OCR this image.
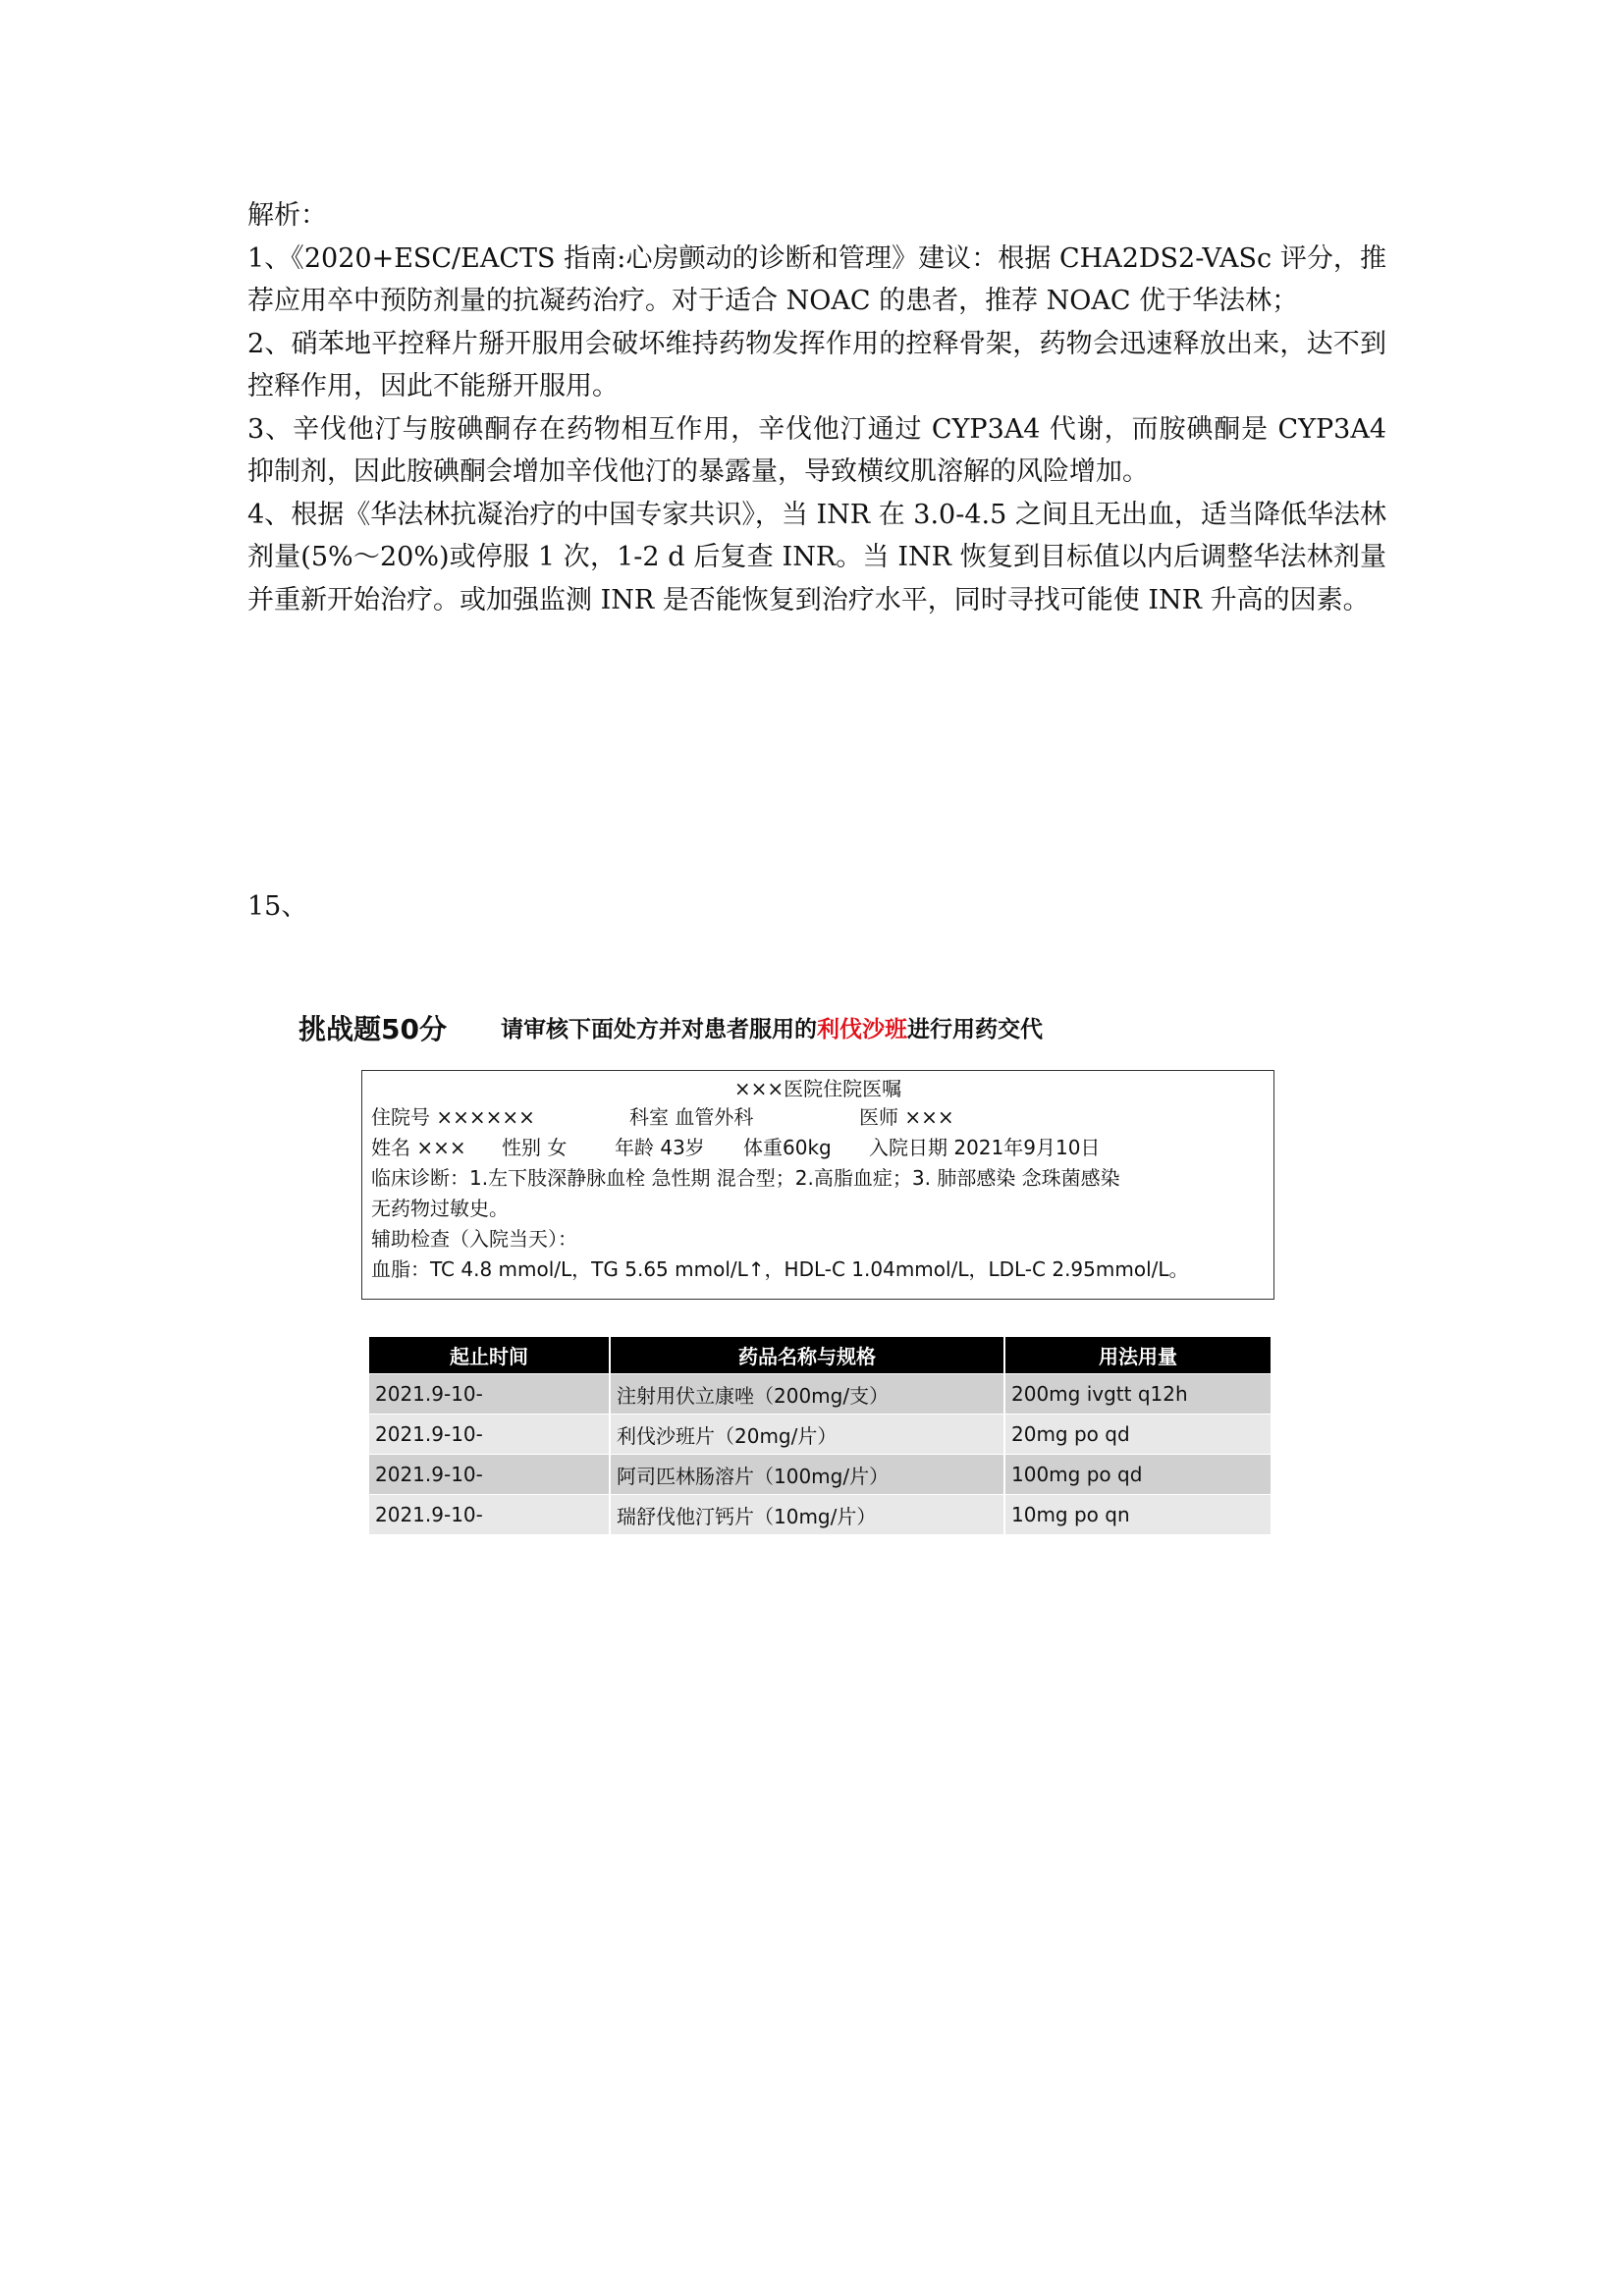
解析：

1、《2020+ESC/EACTS 指南:心房颤动的诊断和管理》建议：根据 CHA2DS2-VASc 评分，推荐应用卒中预防剂量的抗凝药治疗。对于适合 NOAC 的患者，推荐 NOAC 优于华法林；

2、硝苯地平控释片掰开服用会破坏维持药物发挥作用的控释骨架，药物会迅速释放出来，达不到控释作用，因此不能掰开服用。

3、辛伐他汀与胺碘酮存在药物相互作用，辛伐他汀通过 CYP3A4 代谢，而胺碘酮是 CYP3A4 抑制剂，因此胺碘酮会增加辛伐他汀的暴露量，导致横纹肌溶解的风险增加。

4、根据《华法林抗凝治疗的中国专家共识》，当 INR 在 3.0-4.5 之间且无出血，适当降低华法林剂量(5%～20%)或停服 1 次，1-2 d 后复查 INR。当 INR 恢复到目标值以内后调整华法林剂量并重新开始治疗。或加强监测 INR 是否能恢复到治疗水平，同时寻找可能使 INR 升高的因素。

15、
挑战题50分 请审核下面处方并对患者服用的利伐沙班进行用药交代
×××医院住院医嘱
住院号 ××××××	科室 血管外科	医师 ×××
姓名 ××× 性别 女 年龄 43岁 体重60kg 入院日期 2021年9月10日
临床诊断：1.左下肢深静脉血栓 急性期 混合型；2.高脂血症；3. 肺部感染 念珠菌感染
无药物过敏史。
辅助检查（入院当天）：
血脂：TC 4.8 mmol/L，TG 5.65 mmol/L↑，HDL-C 1.04mmol/L，LDL-C 2.95mmol/L。
起止时间	药品名称与规格	用法用量
2021.9-10-	注射用伏立康唑（200mg/支）	200mg ivgtt q12h
2021.9-10-	利伐沙班片（20mg/片）	20mg po qd
2021.9-10-	阿司匹林肠溶片（100mg/片）	100mg po qd
2021.9-10-	瑞舒伐他汀钙片（10mg/片）	10mg po qn
